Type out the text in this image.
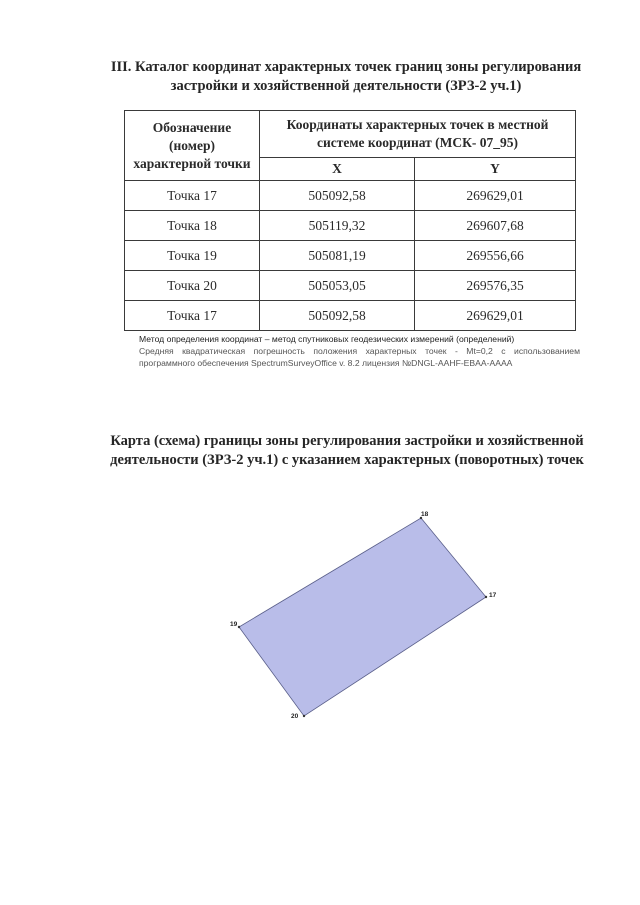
III. Каталог координат характерных точек границ зоны регулирования
застройки и хозяйственной деятельности (ЗРЗ-2 уч.1)
Обозначение
(номер)
характерной точки	Координаты характерных точек в местной
системе координат (МСК- 07_95)	

	X	Y
Точка 17	505092,58	269629,01
Точка 18	505119,32	269607,68
Точка 19	505081,19	269556,66
Точка 20	505053,05	269576,35
Точка 17	505092,58	269629,01

Метод определения координат – метод спутниковых геодезических измерений (определений)

Средняя квадратическая погрешность положения характерных точек - Mt=0,2 с использованием программного обеспечения SpectrumSurveyOffice v. 8.2 лицензия №DNGL-AAHF-EBAA-AAAA

Карта (схема) границы зоны регулирования застройки и хозяйственной
деятельности (ЗРЗ-2 уч.1) с указанием характерных (поворотных) точек
18
17
20
19
